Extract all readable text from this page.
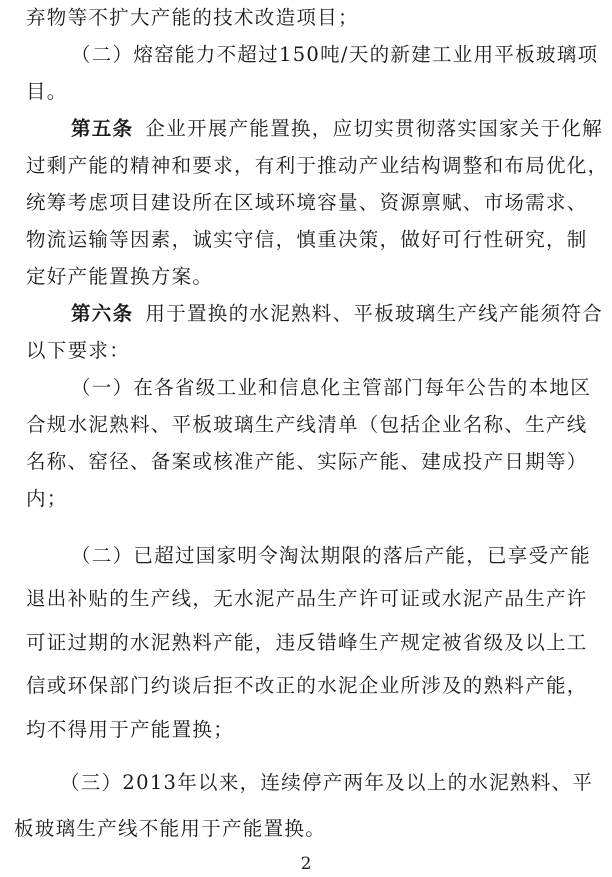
弃物等不扩大产能的技术改造项目；
（二）熔窑能力不超过150吨/天的新建工业用平板玻璃项
目。
第五条 企业开展产能置换，应切实贯彻落实国家关于化解
过剩产能的精神和要求，有利于推动产业结构调整和布局优化，
统筹考虑项目建设所在区域环境容量、资源禀赋、市场需求、
物流运输等因素，诚实守信，慎重决策，做好可行性研究，制
定好产能置换方案。
第六条 用于置换的水泥熟料、平板玻璃生产线产能须符合
以下要求：
（一）在各省级工业和信息化主管部门每年公告的本地区
合规水泥熟料、平板玻璃生产线清单（包括企业名称、生产线
名称、窑径、备案或核准产能、实际产能、建成投产日期等）
内；
（二）已超过国家明令淘汰期限的落后产能，已享受产能
退出补贴的生产线，无水泥产品生产许可证或水泥产品生产许
可证过期的水泥熟料产能，违反错峰生产规定被省级及以上工
信或环保部门约谈后拒不改正的水泥企业所涉及的熟料产能，
均不得用于产能置换；
（三）2013年以来，连续停产两年及以上的水泥熟料、平
板玻璃生产线不能用于产能置换。
2
